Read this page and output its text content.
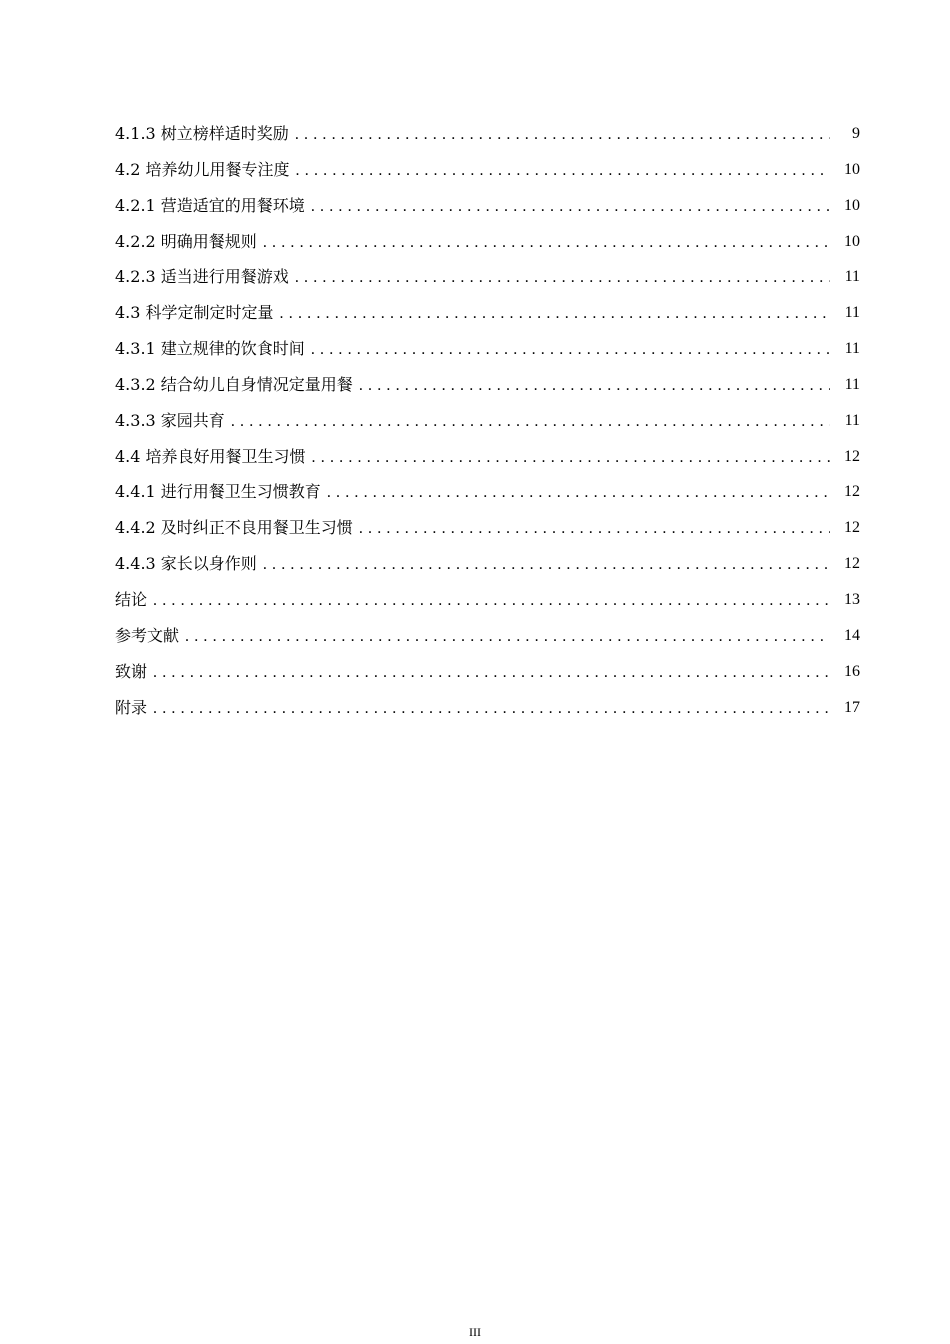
4.1.3 树立榜样适时奖励 . . .	9
4.2 培养幼儿用餐专注度 . . .	10
4.2.1 营造适宜的用餐环境 . . .	10
4.2.2 明确用餐规则 . . .	10
4.2.3 适当进行用餐游戏 . . .	11
4.3 科学定制定时定量 . . .	11
4.3.1 建立规律的饮食时间 . . .	11
4.3.2 结合幼儿自身情况定量用餐 . . .	11
4.3.3 家园共育 . . .	11
4.4 培养良好用餐卫生习惯 . . .	12
4.4.1 进行用餐卫生习惯教育 . . .	12
4.4.2 及时纠正不良用餐卫生习惯 . . .	12
4.4.3 家长以身作则 . . .	12
结论 . . .	13
参考文献 . . .	14
致谢 . . .	16
附录 . . .	17
III
